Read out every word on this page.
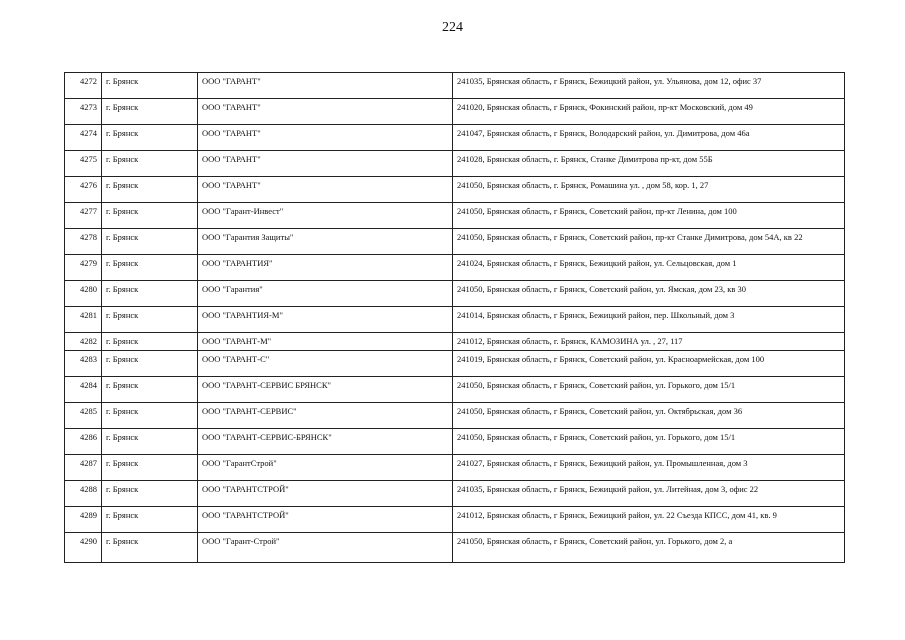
224
4272	г. Брянск	ООО "ГАРАНТ"	241035, Брянская область, г Брянск, Бежицкий район, ул. Ульянова, дом 12, офис 37
4273	г. Брянск	ООО "ГАРАНТ"	241020, Брянская область, г Брянск, Фокинский район, пр-кт Московский, дом 49
4274	г. Брянск	ООО "ГАРАНТ"	241047, Брянская область, г Брянск, Володарский район, ул. Димитрова, дом 46а
4275	г. Брянск	ООО "ГАРАНТ"	241028, Брянская область, г. Брянск, Станке Димитрова пр-кт, дом 55Б
4276	г. Брянск	ООО "ГАРАНТ"	241050, Брянская область, г. Брянск, Ромашина ул. , дом 58, кор. 1, 27
4277	г. Брянск	ООО "Гарант-Инвест"	241050, Брянская область, г Брянск, Советский район, пр-кт Ленина, дом 100
4278	г. Брянск	ООО "Гарантия Защиты"	241050, Брянская область, г Брянск, Советский район, пр-кт Станке Димитрова, дом 54А, кв 22
4279	г. Брянск	ООО "ГАРАНТИЯ"	241024, Брянская область, г Брянск, Бежицкий район, ул. Сельцовская, дом 1
4280	г. Брянск	ООО "Гарантия"	241050, Брянская область, г Брянск, Советский район, ул. Ямская, дом 23, кв 30
4281	г. Брянск	ООО "ГАРАНТИЯ-М"	241014, Брянская область, г Брянск, Бежицкий район, пер. Школьный, дом 3
4282	г. Брянск	ООО "ГАРАНТ-М"	241012, Брянская область, г. Брянск, КАМОЗИНА ул. , 27, 117
4283	г. Брянск	ООО "ГАРАНТ-С"	241019, Брянская область, г Брянск, Советский район, ул. Красноармейская, дом 100
4284	г. Брянск	ООО "ГАРАНТ-СЕРВИС БРЯНСК"	241050, Брянская область, г Брянск, Советский район, ул. Горького, дом 15/1
4285	г. Брянск	ООО "ГАРАНТ-СЕРВИС"	241050, Брянская область, г Брянск, Советский район, ул. Октябрьская, дом 36
4286	г. Брянск	ООО "ГАРАНТ-СЕРВИС-БРЯНСК"	241050, Брянская область, г Брянск, Советский район, ул. Горького, дом 15/1
4287	г. Брянск	ООО "ГарантСтрой"	241027, Брянская область, г Брянск, Бежицкий район, ул. Промышленная, дом 3
4288	г. Брянск	ООО "ГАРАНТСТРОЙ"	241035, Брянская область, г Брянск, Бежицкий район, ул. Литейная, дом 3, офис 22
4289	г. Брянск	ООО "ГАРАНТСТРОЙ"	241012, Брянская область, г Брянск, Бежицкий район, ул. 22 Съезда КПСС, дом 41, кв. 9
4290	г. Брянск	ООО "Гарант-Строй"	241050, Брянская область, г Брянск, Советский район, ул. Горького, дом 2, а
